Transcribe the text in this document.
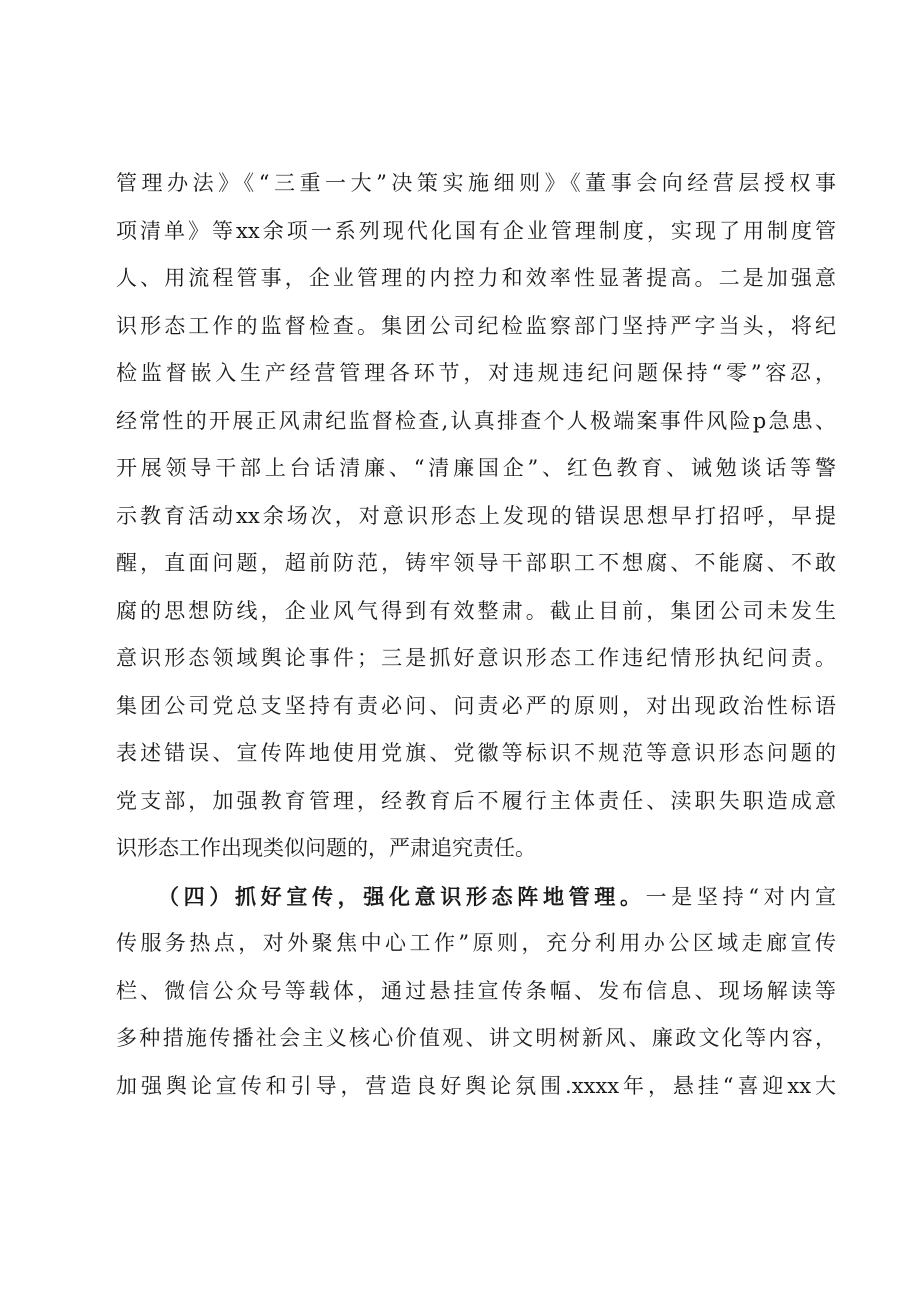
管理办法》《“三重一大”决策实施细则》《董事会向经营层授权事
项清单》等xx余项一系列现代化国有企业管理制度，实现了用制度管
人、用流程管事，企业管理的内控力和效率性显著提高。二是加强意
识形态工作的监督检查。集团公司纪检监察部门坚持严字当头，将纪
检监督嵌入生产经营管理各环节，对违规违纪问题保持“零”容忍，
经常性的开展正风肃纪监督检查,认真排查个人极端案事件风险p急患、
开展领导干部上台话清廉、“清廉国企”、红色教育、诫勉谈话等警
示教育活动xx余场次，对意识形态上发现的错误思想早打招呼，早提
醒，直面问题，超前防范，铸牢领导干部职工不想腐、不能腐、不敢
腐的思想防线，企业风气得到有效整肃。截止目前，集团公司未发生
意识形态领域舆论事件；三是抓好意识形态工作违纪情形执纪问责。
集团公司党总支坚持有责必问、问责必严的原则，对出现政治性标语
表述错误、宣传阵地使用党旗、党徽等标识不规范等意识形态问题的
党支部，加强教育管理，经教育后不履行主体责任、渎职失职造成意
识形态工作出现类似问题的，严肃追究责任。
（四）抓好宣传，强化意识形态阵地管理。一是坚持“对内宣
传服务热点，对外聚焦中心工作”原则，充分利用办公区域走廊宣传
栏、微信公众号等载体，通过悬挂宣传条幅、发布信息、现场解读等
多种措施传播社会主义核心价值观、讲文明树新风、廉政文化等内容，
加强舆论宣传和引导，营造良好舆论氛围.xxxx年，悬挂“喜迎xx大
